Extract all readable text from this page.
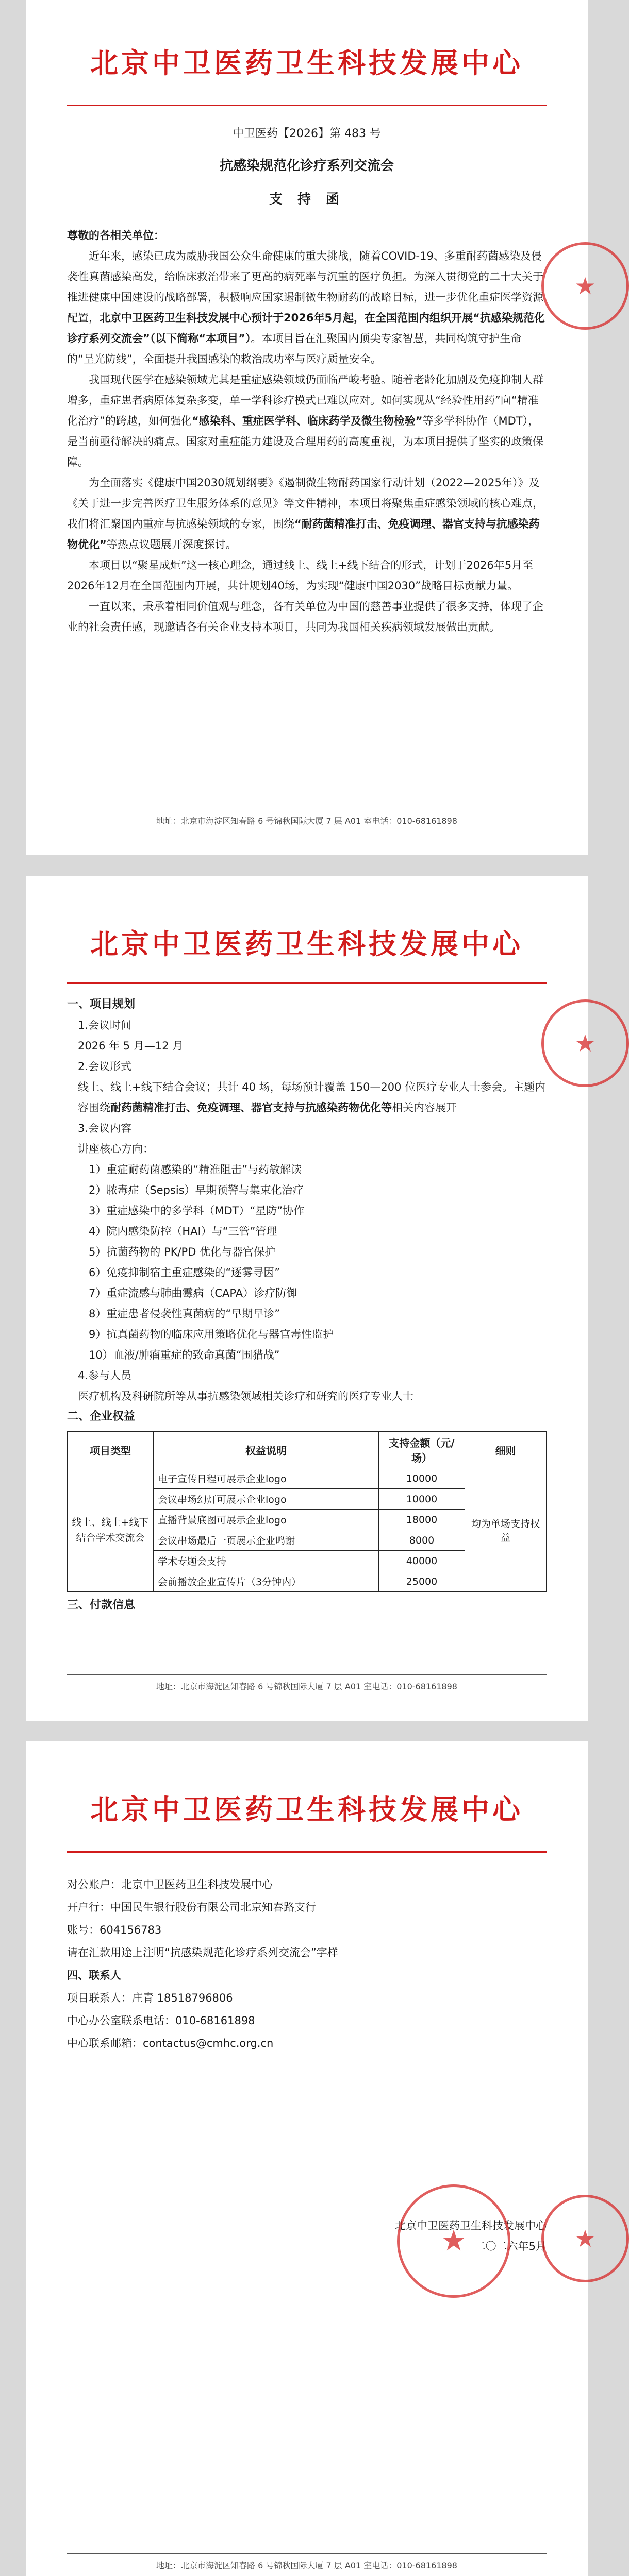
北京中卫医药卫生科技发展中心
中卫医药【2026】第 483 号
抗感染规范化诊疗系列交流会
支 持 函

尊敬的各相关单位：

近年来，感染已成为威胁我国公众生命健康的重大挑战，随着COVID-19、多重耐药菌感染及侵袭性真菌感染高发，给临床救治带来了更高的病死率与沉重的医疗负担。为深入贯彻党的二十大关于推进健康中国建设的战略部署，积极响应国家遏制微生物耐药的战略目标，进一步优化重症医学资源配置，北京中卫医药卫生科技发展中心预计于2026年5月起，在全国范围内组织开展“抗感染规范化诊疗系列交流会”（以下简称“本项目”）。本项目旨在汇聚国内顶尖专家智慧，共同构筑守护生命的“呈光防线”，全面提升我国感染的救治成功率与医疗质量安全。

我国现代医学在感染领域尤其是重症感染领域仍面临严峻考验。随着老龄化加剧及免疫抑制人群增多，重症患者病原体复杂多变，单一学科诊疗模式已难以应对。如何实现从“经验性用药”向“精准化治疗”的跨越，如何强化“感染科、重症医学科、临床药学及微生物检验”等多学科协作（MDT），是当前亟待解决的痛点。国家对重症能力建设及合理用药的高度重视，为本项目提供了坚实的政策保障。

为全面落实《健康中国2030规划纲要》《遏制微生物耐药国家行动计划（2022—2025年）》及《关于进一步完善医疗卫生服务体系的意见》等文件精神，本项目将聚焦重症感染领域的核心难点，我们将汇聚国内重症与抗感染领域的专家，围绕“耐药菌精准打击、免疫调理、器官支持与抗感染药物优化”等热点议题展开深度探讨。

本项目以“聚星成炬”这一核心理念，通过线上、线上+线下结合的形式，计划于2026年5月至2026年12月在全国范围内开展，共计规划40场，为实现“健康中国2030”战略目标贡献力量。

一直以来，秉承着相同价值观与理念，各有关单位为中国的慈善事业提供了很多支持，体现了企业的社会责任感，现邀请各有关企业支持本项目，共同为我国相关疾病领域发展做出贡献。

★
地址：北京市海淀区知春路 6 号锦秋国际大厦 7 层 A01 室电话：010-68161898
北京中卫医药卫生科技发展中心

一、项目规划

1.会议时间

2026 年 5 月—12 月

2.会议形式

线上、线上+线下结合会议；共计 40 场，每场预计覆盖 150—200 位医疗专业人士参会。主题内容围绕耐药菌精准打击、免疫调理、器官支持与抗感染药物优化等相关内容展开

3.会议内容

讲座核心方向：

1）重症耐药菌感染的“精准阻击”与药敏解读

2）脓毒症（Sepsis）早期预警与集束化治疗

3）重症感染中的多学科（MDT）“星防”协作

4）院内感染防控（HAI）与“三管”管理

5）抗菌药物的 PK/PD 优化与器官保护

6）免疫抑制宿主重症感染的“逐雾寻因”

7）重症流感与肺曲霉病（CAPA）诊疗防御

8）重症患者侵袭性真菌病的“早期早诊”

9）抗真菌药物的临床应用策略优化与器官毒性监护

10）血液/肿瘤重症的致命真菌“围猎战”

4.参与人员

医疗机构及科研院所等从事抗感染领域相关诊疗和研究的医疗专业人士

二、企业权益

项目类型	权益说明	支持金额（元/场）	细则
线上、线上+线下结合学术交流会	电子宣传日程可展示企业logo	10000	均为单场支持权益
	会议串场幻灯可展示企业logo	10000	
	直播背景底图可展示企业logo	18000	
	会议串场最后一页展示企业鸣谢	8000	
	学术专题会支持	40000	
	会前播放企业宣传片（3分钟内）	25000	

三、付款信息

★
地址：北京市海淀区知春路 6 号锦秋国际大厦 7 层 A01 室电话：010-68161898
北京中卫医药卫生科技发展中心

对公账户：北京中卫医药卫生科技发展中心

开户行：中国民生银行股份有限公司北京知春路支行

账号：604156783

请在汇款用途上注明“抗感染规范化诊疗系列交流会”字样

四、联系人

项目联系人：庄青 18518796806

中心办公室联系电话：010-68161898

中心联系邮箱：contactus@cmhc.org.cn

北京中卫医药卫生科技发展中心
二〇二六年5月
★	★
地址：北京市海淀区知春路 6 号锦秋国际大厦 7 层 A01 室电话：010-68161898
